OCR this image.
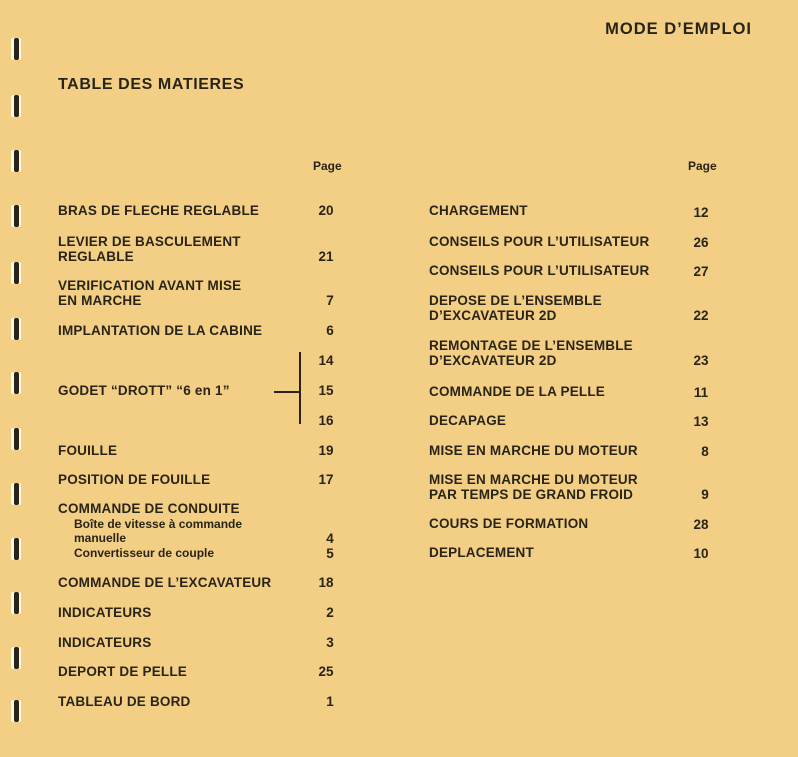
MODE D’EMPLOI
TABLE DES MATIERES
Page	Page
BRAS DE FLECHE REGLABLE	20
LEVIER DE BASCULEMENT
REGLABLE	21
VERIFICATION AVANT MISE
EN MARCHE	7
IMPLANTATION DE LA CABINE	6
GODET “DROTT” “6 en 1”
14
15
16
FOUILLE	19
POSITION DE FOUILLE	17
COMMANDE DE CONDUITE
Boîte de vitesse à commande
manuelle	4
Convertisseur de couple	5
COMMANDE DE L’EXCAVATEUR	18
INDICATEURS	2
INDICATEURS	3
DEPORT DE PELLE	25
TABLEAU DE BORD	1
CHARGEMENT	12
CONSEILS POUR L’UTILISATEUR	26
CONSEILS POUR L’UTILISATEUR	27
DEPOSE DE L’ENSEMBLE
D’EXCAVATEUR 2D	22
REMONTAGE DE L’ENSEMBLE
D’EXCAVATEUR 2D	23
COMMANDE DE LA PELLE	11
DECAPAGE	13
MISE EN MARCHE DU MOTEUR	8
MISE EN MARCHE DU MOTEUR
PAR TEMPS DE GRAND FROID	9
COURS DE FORMATION	28
DEPLACEMENT	10
